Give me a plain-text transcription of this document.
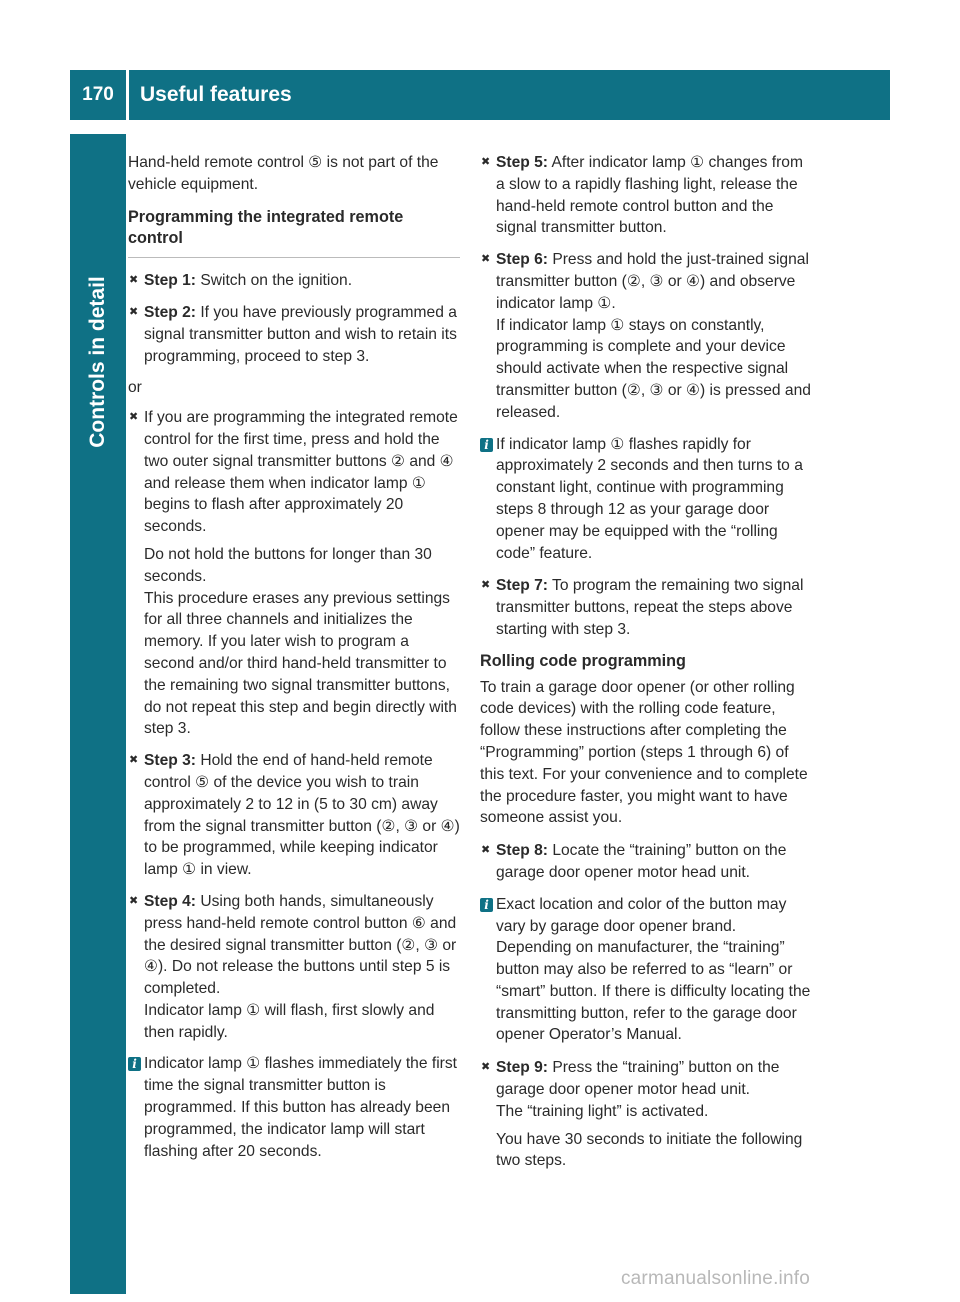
170	Useful features
Controls in detail

Hand-held remote control ⑤ is not part of the vehicle equipment.

Programming the integrated remote control
✖ Step 1: Switch on the ignition.
✖ Step 2: If you have previously programmed a signal transmitter button and wish to retain its programming, proceed to step 3.
or
✖ If you are programming the integrated remote control for the first time, press and hold the two outer signal transmitter buttons ② and ④ and release them when indicator lamp ① begins to flash after approximately 20 seconds.
Do not hold the buttons for longer than 30 seconds.
This procedure erases any previous settings for all three channels and initializes the memory. If you later wish to program a second and/or third hand-held transmitter to the remaining two signal transmitter buttons, do not repeat this step and begin directly with step 3.
✖ Step 3: Hold the end of hand-held remote control ⑤ of the device you wish to train approximately 2 to 12 in (5 to 30 cm) away from the signal transmitter button (②, ③ or ④) to be programmed, while keeping indicator lamp ① in view.
✖ Step 4: Using both hands, simultaneously press hand-held remote control button ⑥ and the desired signal transmitter button (②, ③ or ④). Do not release the buttons until step 5 is completed.
Indicator lamp ① will flash, first slowly and then rapidly.
i Indicator lamp ① flashes immediately the first time the signal transmitter button is programmed. If this button has already been programmed, the indicator lamp will start flashing after 20 seconds.
✖ Step 5: After indicator lamp ① changes from a slow to a rapidly flashing light, release the hand-held remote control button and the signal transmitter button.
✖ Step 6: Press and hold the just-trained signal transmitter button (②, ③ or ④) and observe indicator lamp ①.
If indicator lamp ① stays on constantly, programming is complete and your device should activate when the respective signal transmitter button (②, ③ or ④) is pressed and released.
i If indicator lamp ① flashes rapidly for approximately 2 seconds and then turns to a constant light, continue with programming steps 8 through 12 as your garage door opener may be equipped with the “rolling code” feature.
✖ Step 7: To program the remaining two signal transmitter buttons, repeat the steps above starting with step 3.
Rolling code programming

To train a garage door opener (or other rolling code devices) with the rolling code feature, follow these instructions after completing the “Programming” portion (steps 1 through 6) of this text. For your convenience and to complete the procedure faster, you might want to have someone assist you.

✖ Step 8: Locate the “training” button on the garage door opener motor head unit.
i Exact location and color of the button may vary by garage door opener brand. Depending on manufacturer, the “training” button may also be referred to as “learn” or “smart” button. If there is difficulty locating the transmitting button, refer to the garage door opener Operator’s Manual.
✖ Step 9: Press the “training” button on the garage door opener motor head unit.
The “training light” is activated.
You have 30 seconds to initiate the following two steps.
carmanualsonline.info
